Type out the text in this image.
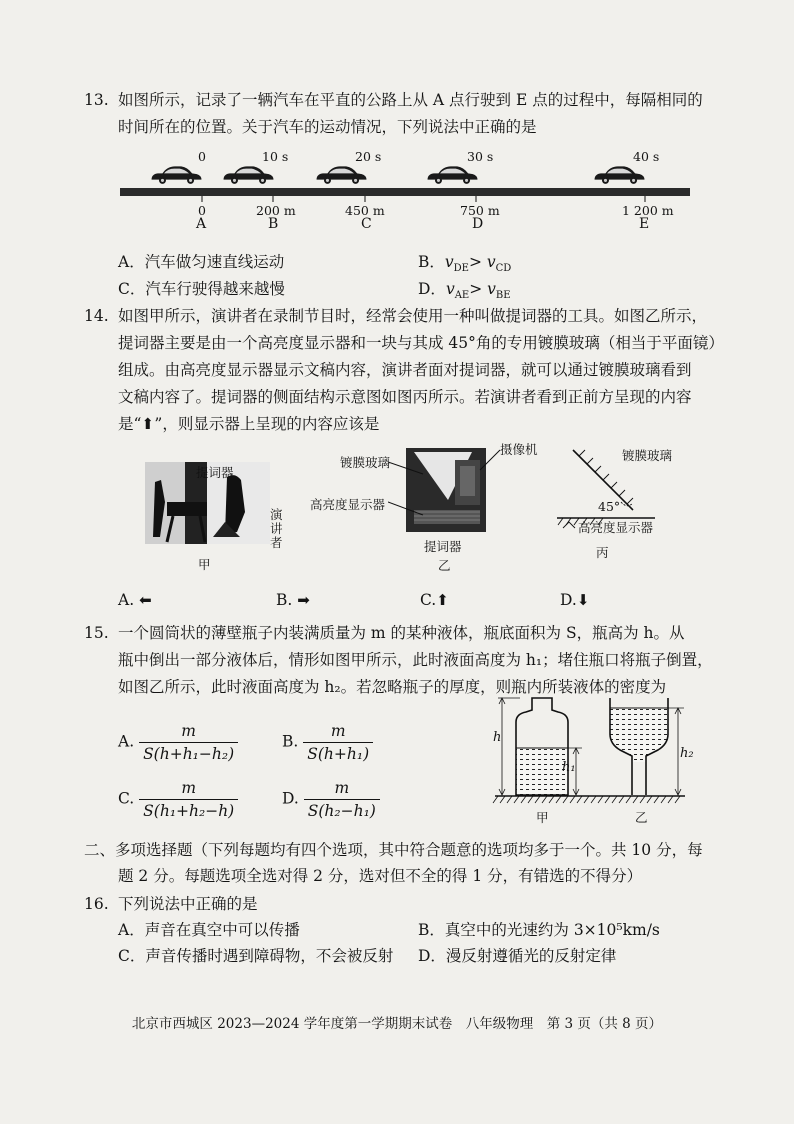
13. 如图所示，记录了一辆汽车在平直的公路上从 A 点行驶到 E 点的过程中，每隔相同的
时间所在的位置。关于汽车的运动情况，下列说法中正确的是
0	10 s	20 s	30 s	40 s
0	200 m	450 m	750 m	1 200 m
A	B	C	D	E
A．汽车做匀速直线运动	B．$v_{DE}> v_{CD}$
C．汽车行驶得越来越慢	D．$v_{AE}> v_{BE}$
14. 如图甲所示，演讲者在录制节目时，经常会使用一种叫做提词器的工具。如图乙所示，
提词器主要是由一个高亮度显示器和一块与其成 45°角的专用镀膜玻璃（相当于平面镜）
组成。由高亮度显示器显示文稿内容，演讲者面对提词器，就可以通过镀膜玻璃看到
文稿内容了。提词器的侧面结构示意图如图丙所示。若演讲者看到正前方呈现的内容
是“⬆”，则显示器上呈现的内容应该是
提词器
演讲者
甲
镀膜玻璃
摄像机
高亮度显示器
提词器
乙
镀膜玻璃
45°
高亮度显示器
丙
A. ⬅	B. ➡	C.⬆	D.⬇
15. 一个圆筒状的薄壁瓶子内装满质量为 m 的某种液体，瓶底面积为 S，瓶高为 h。从
瓶中倒出一部分液体后，情形如图甲所示，此时液面高度为 h₁；堵住瓶口将瓶子倒置，
如图乙所示，此时液面高度为 h₂。若忽略瓶子的厚度，则瓶内所装液体的密度为
A. $\frac{m}{\text{S(h+h₁−h₂)}}$	B. $\frac{m}{\text{S(h+h₁)}}$
C. $\frac{m}{\text{S(h₁+h₂−h)}}$	D. $\frac{m}{\text{S(h₂−h₁)}}$
h
h₁
h₂
甲	乙
二、多项选择题（下列每题均有四个选项，其中符合题意的选项均多于一个。共 10 分，每
题 2 分。每题选项全选对得 2 分，选对但不全的得 1 分，有错选的不得分）
16. 下列说法中正确的是
A．声音在真空中可以传播	B．真空中的光速约为 3×10⁵km/s
C．声音传播时遇到障碍物，不会被反射 D．漫反射遵循光的反射定律
北京市西城区 2023—2024 学年度第一学期期末试卷　八年级物理　第 3 页（共 8 页）
